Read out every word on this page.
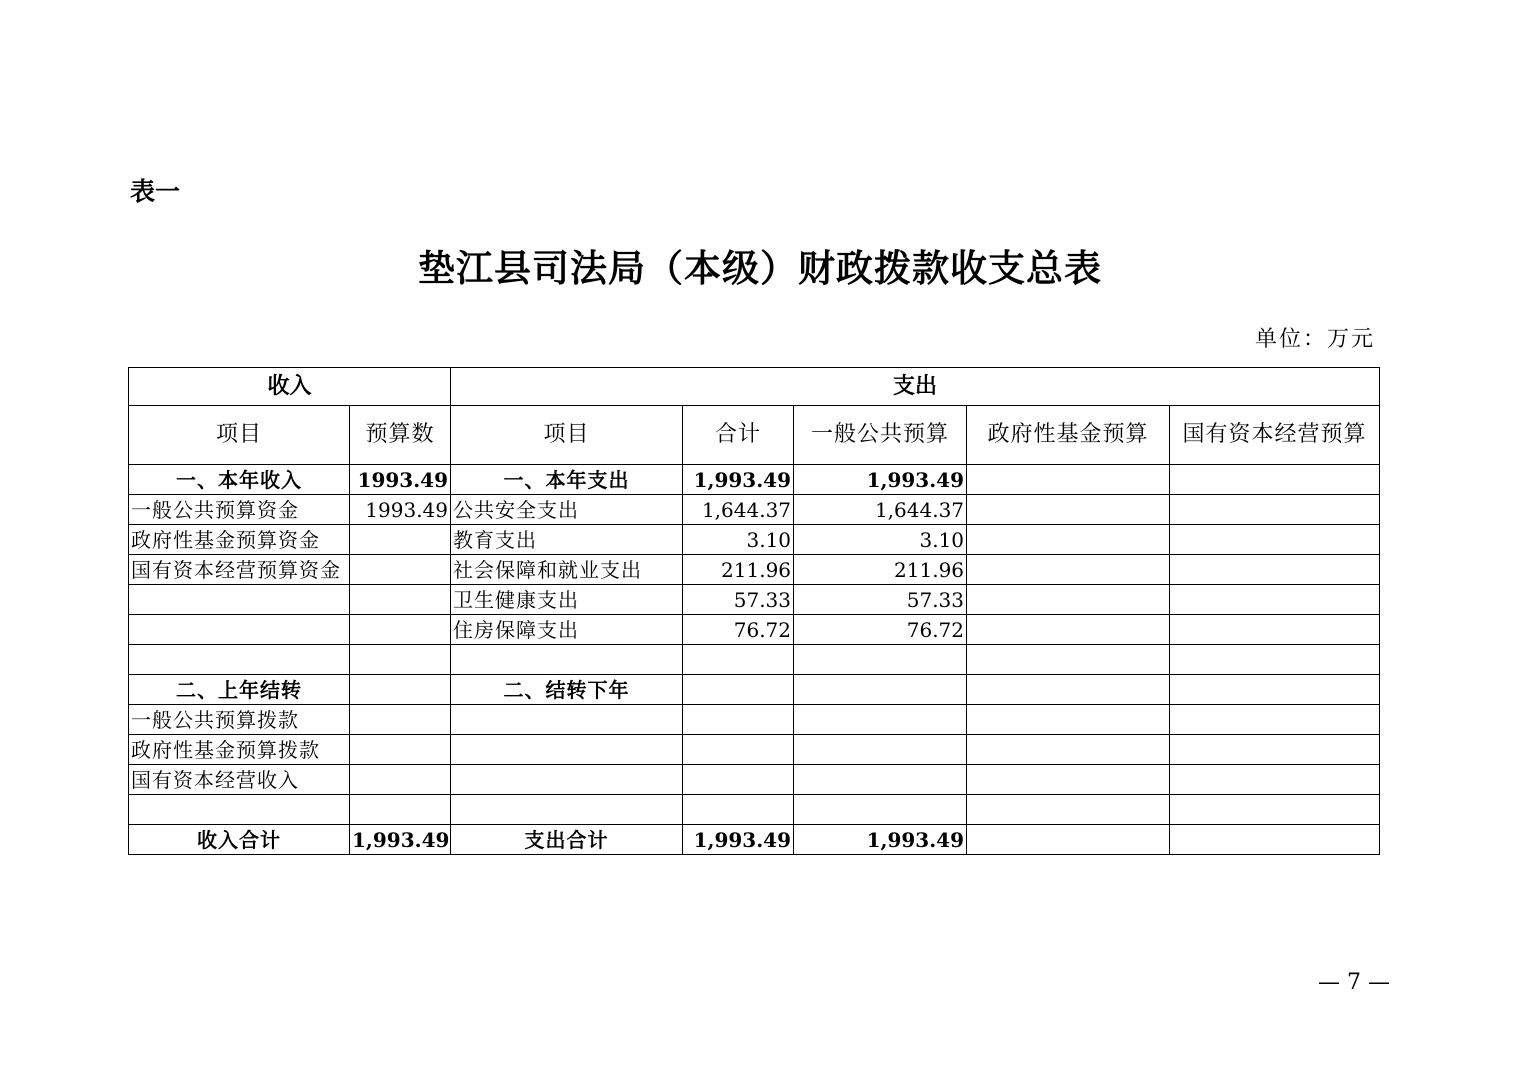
表一
垫江县司法局（本级）财政拨款收支总表
单位：万元
收入		支出				
项目	预算数	项目	合计	一般公共预算	政府性基金预算	国有资本经营预算
一、本年收入	1993.49	一、本年支出	1,993.49	1,993.49		
一般公共预算资金	1993.49	公共安全支出	1,644.37	1,644.37		
政府性基金预算资金		教育支出	3.10	3.10		
国有资本经营预算资金		社会保障和就业支出	211.96	211.96		
		卫生健康支出	57.33	57.33		
		住房保障支出	76.72	76.72		

二、上年结转		二、结转下年				
一般公共预算拨款						
政府性基金预算拨款						
国有资本经营收入						

收入合计	1,993.49	支出合计	1,993.49	1,993.49		
— 7 —
